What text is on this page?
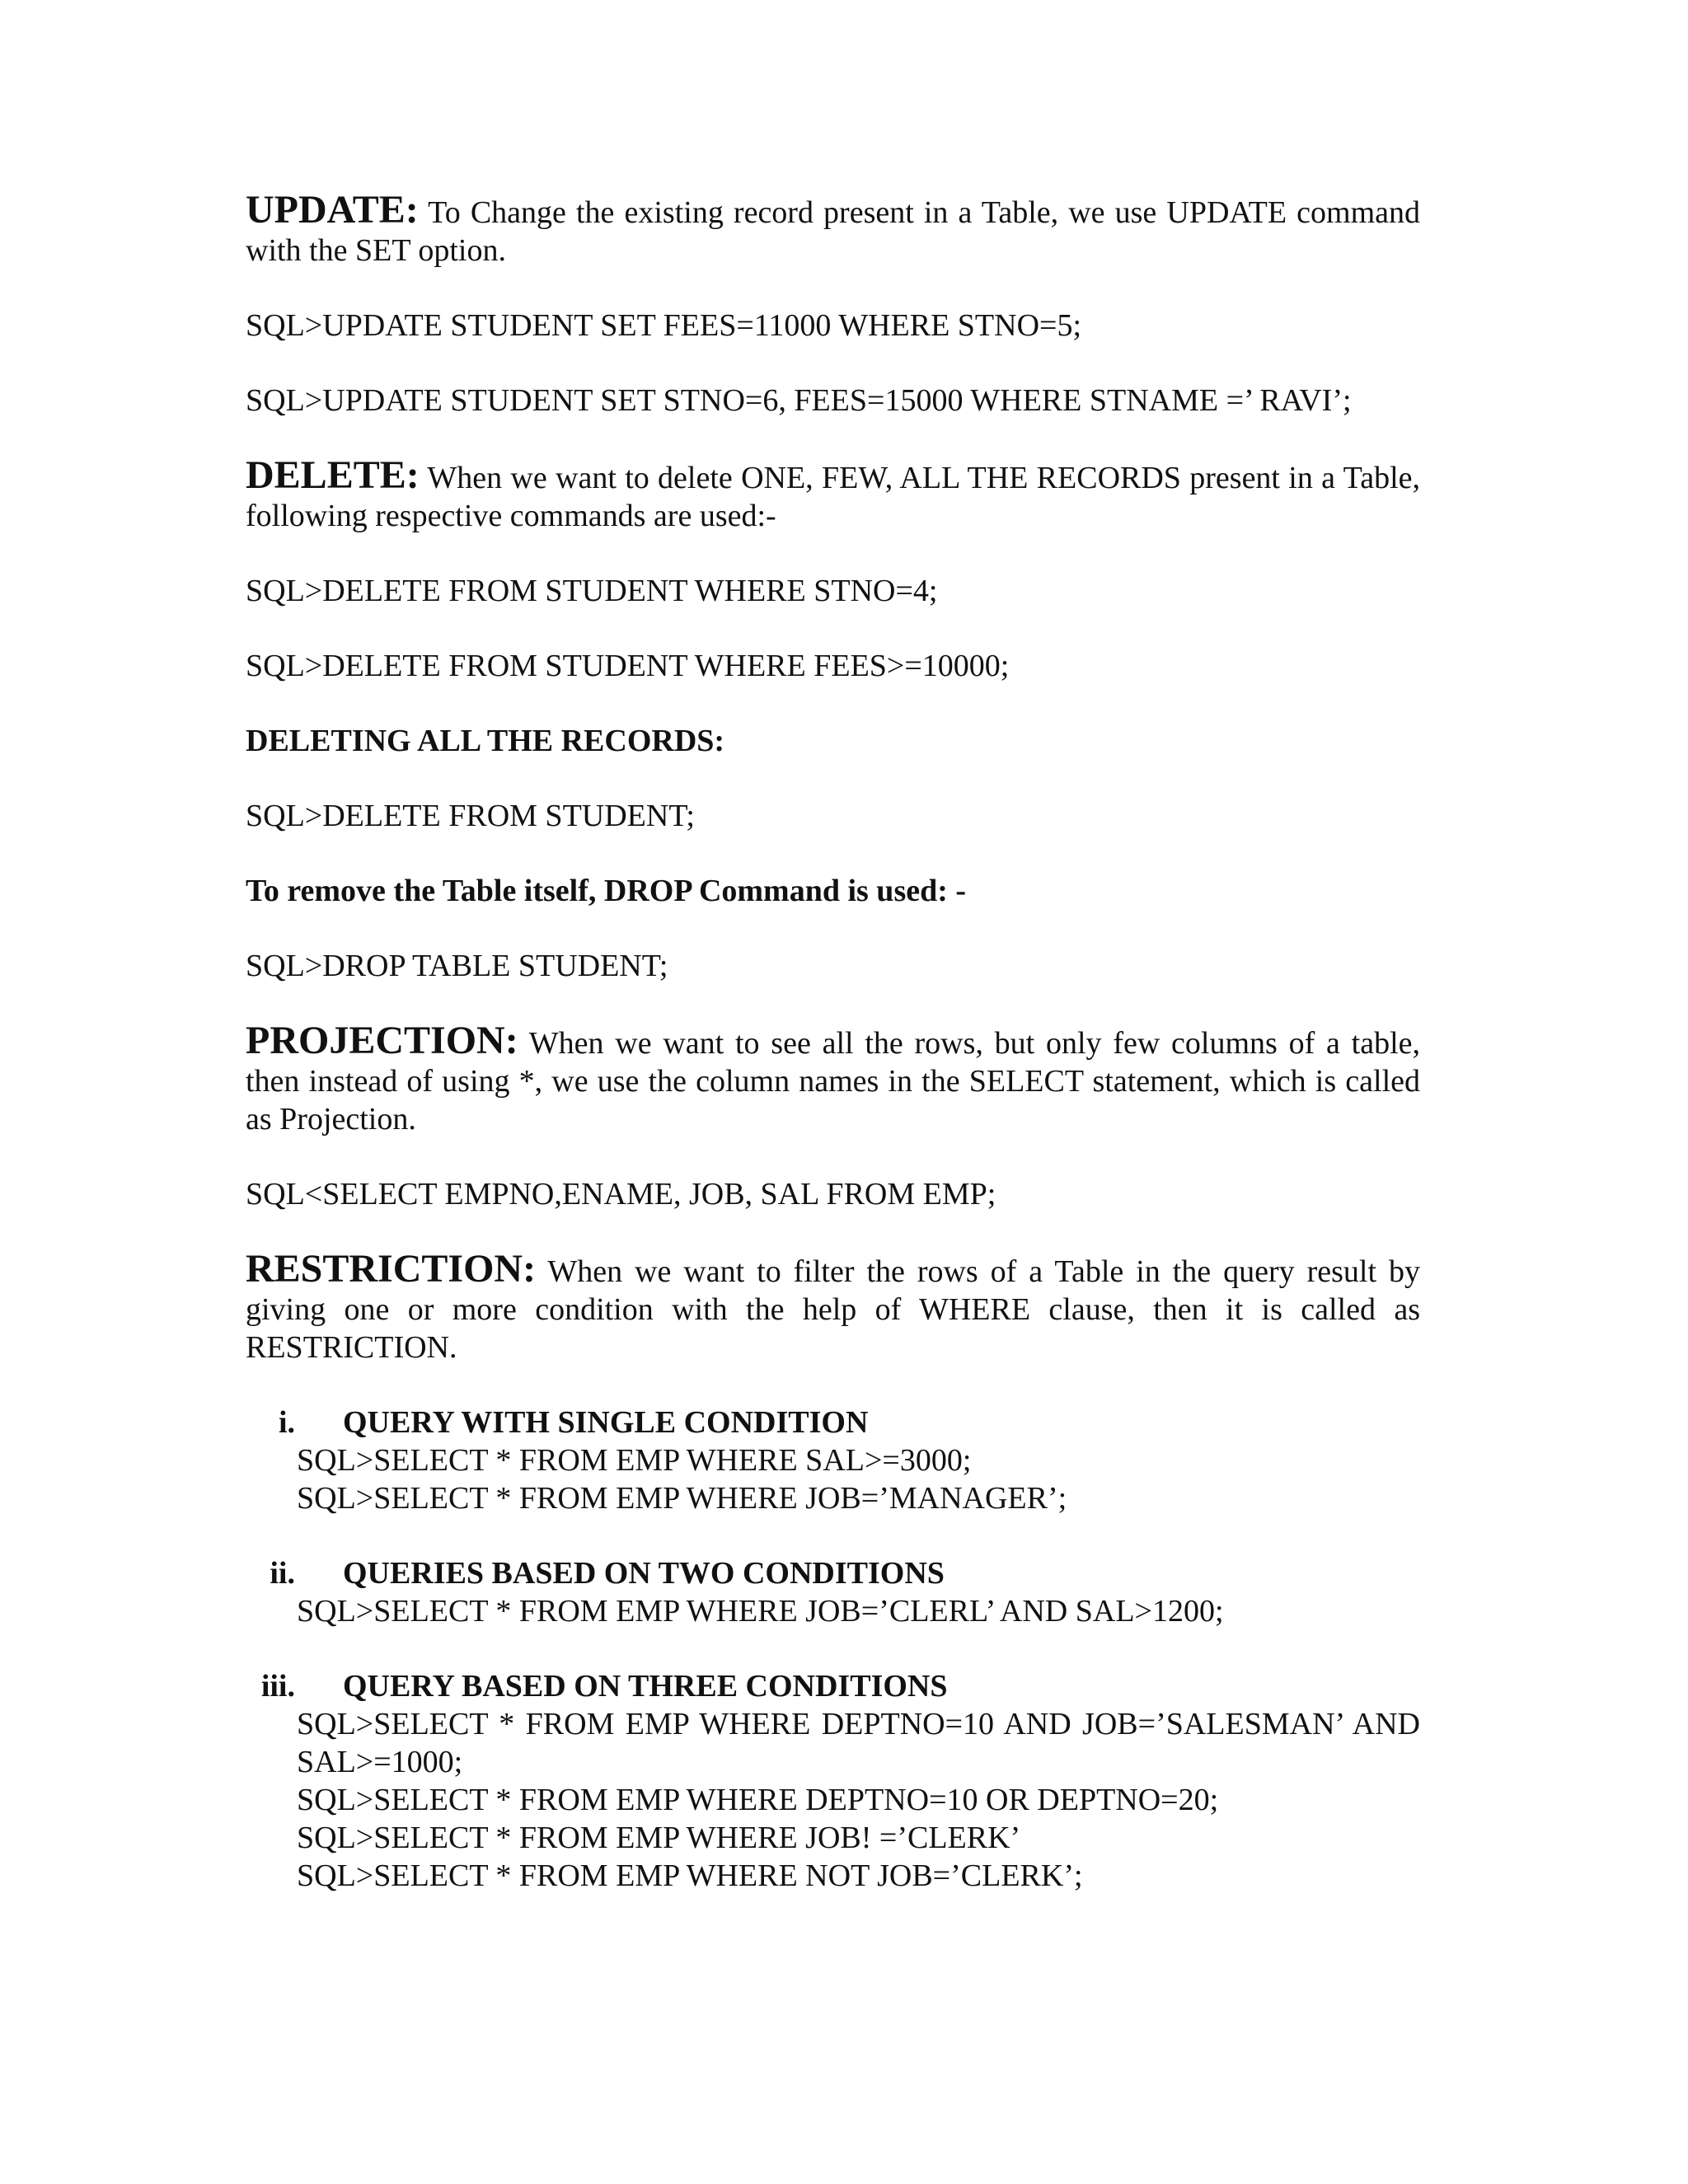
UPDATE: To Change the existing record present in a Table, we use UPDATE command with the SET option.

SQL>UPDATE STUDENT SET FEES=11000 WHERE STNO=5;
SQL>UPDATE STUDENT SET STNO=6, FEES=15000 WHERE STNAME =’ RAVI’;

DELETE: When we want to delete ONE, FEW, ALL THE RECORDS present in a Table, following respective commands are used:-

SQL>DELETE FROM STUDENT WHERE STNO=4;
SQL>DELETE FROM STUDENT WHERE FEES>=10000;
DELETING ALL THE RECORDS:
SQL>DELETE FROM STUDENT;
To remove the Table itself, DROP Command is used: -
SQL>DROP TABLE STUDENT;

PROJECTION: When we want to see all the rows, but only few columns of a table, then instead of using *, we use the column names in the SELECT statement, which is called as Projection.

SQL<SELECT EMPNO,ENAME, JOB, SAL FROM EMP;

RESTRICTION: When we want to filter the rows of a Table in the query result by giving one or more condition with the help of WHERE clause, then it is called as RESTRICTION.

i. QUERY WITH SINGLE CONDITION
SQL>SELECT * FROM EMP WHERE SAL>=3000;
SQL>SELECT * FROM EMP WHERE JOB=’MANAGER’;
ii. QUERIES BASED ON TWO CONDITIONS
SQL>SELECT * FROM EMP WHERE JOB=’CLERL’ AND SAL>1200;
iii. QUERY BASED ON THREE CONDITIONS
SQL>SELECT * FROM EMP WHERE DEPTNO=10 AND JOB=’SALESMAN’ AND SAL>=1000;
SQL>SELECT * FROM EMP WHERE DEPTNO=10 OR DEPTNO=20;
SQL>SELECT * FROM EMP WHERE JOB! =’CLERK’
SQL>SELECT * FROM EMP WHERE NOT JOB=’CLERK’;
